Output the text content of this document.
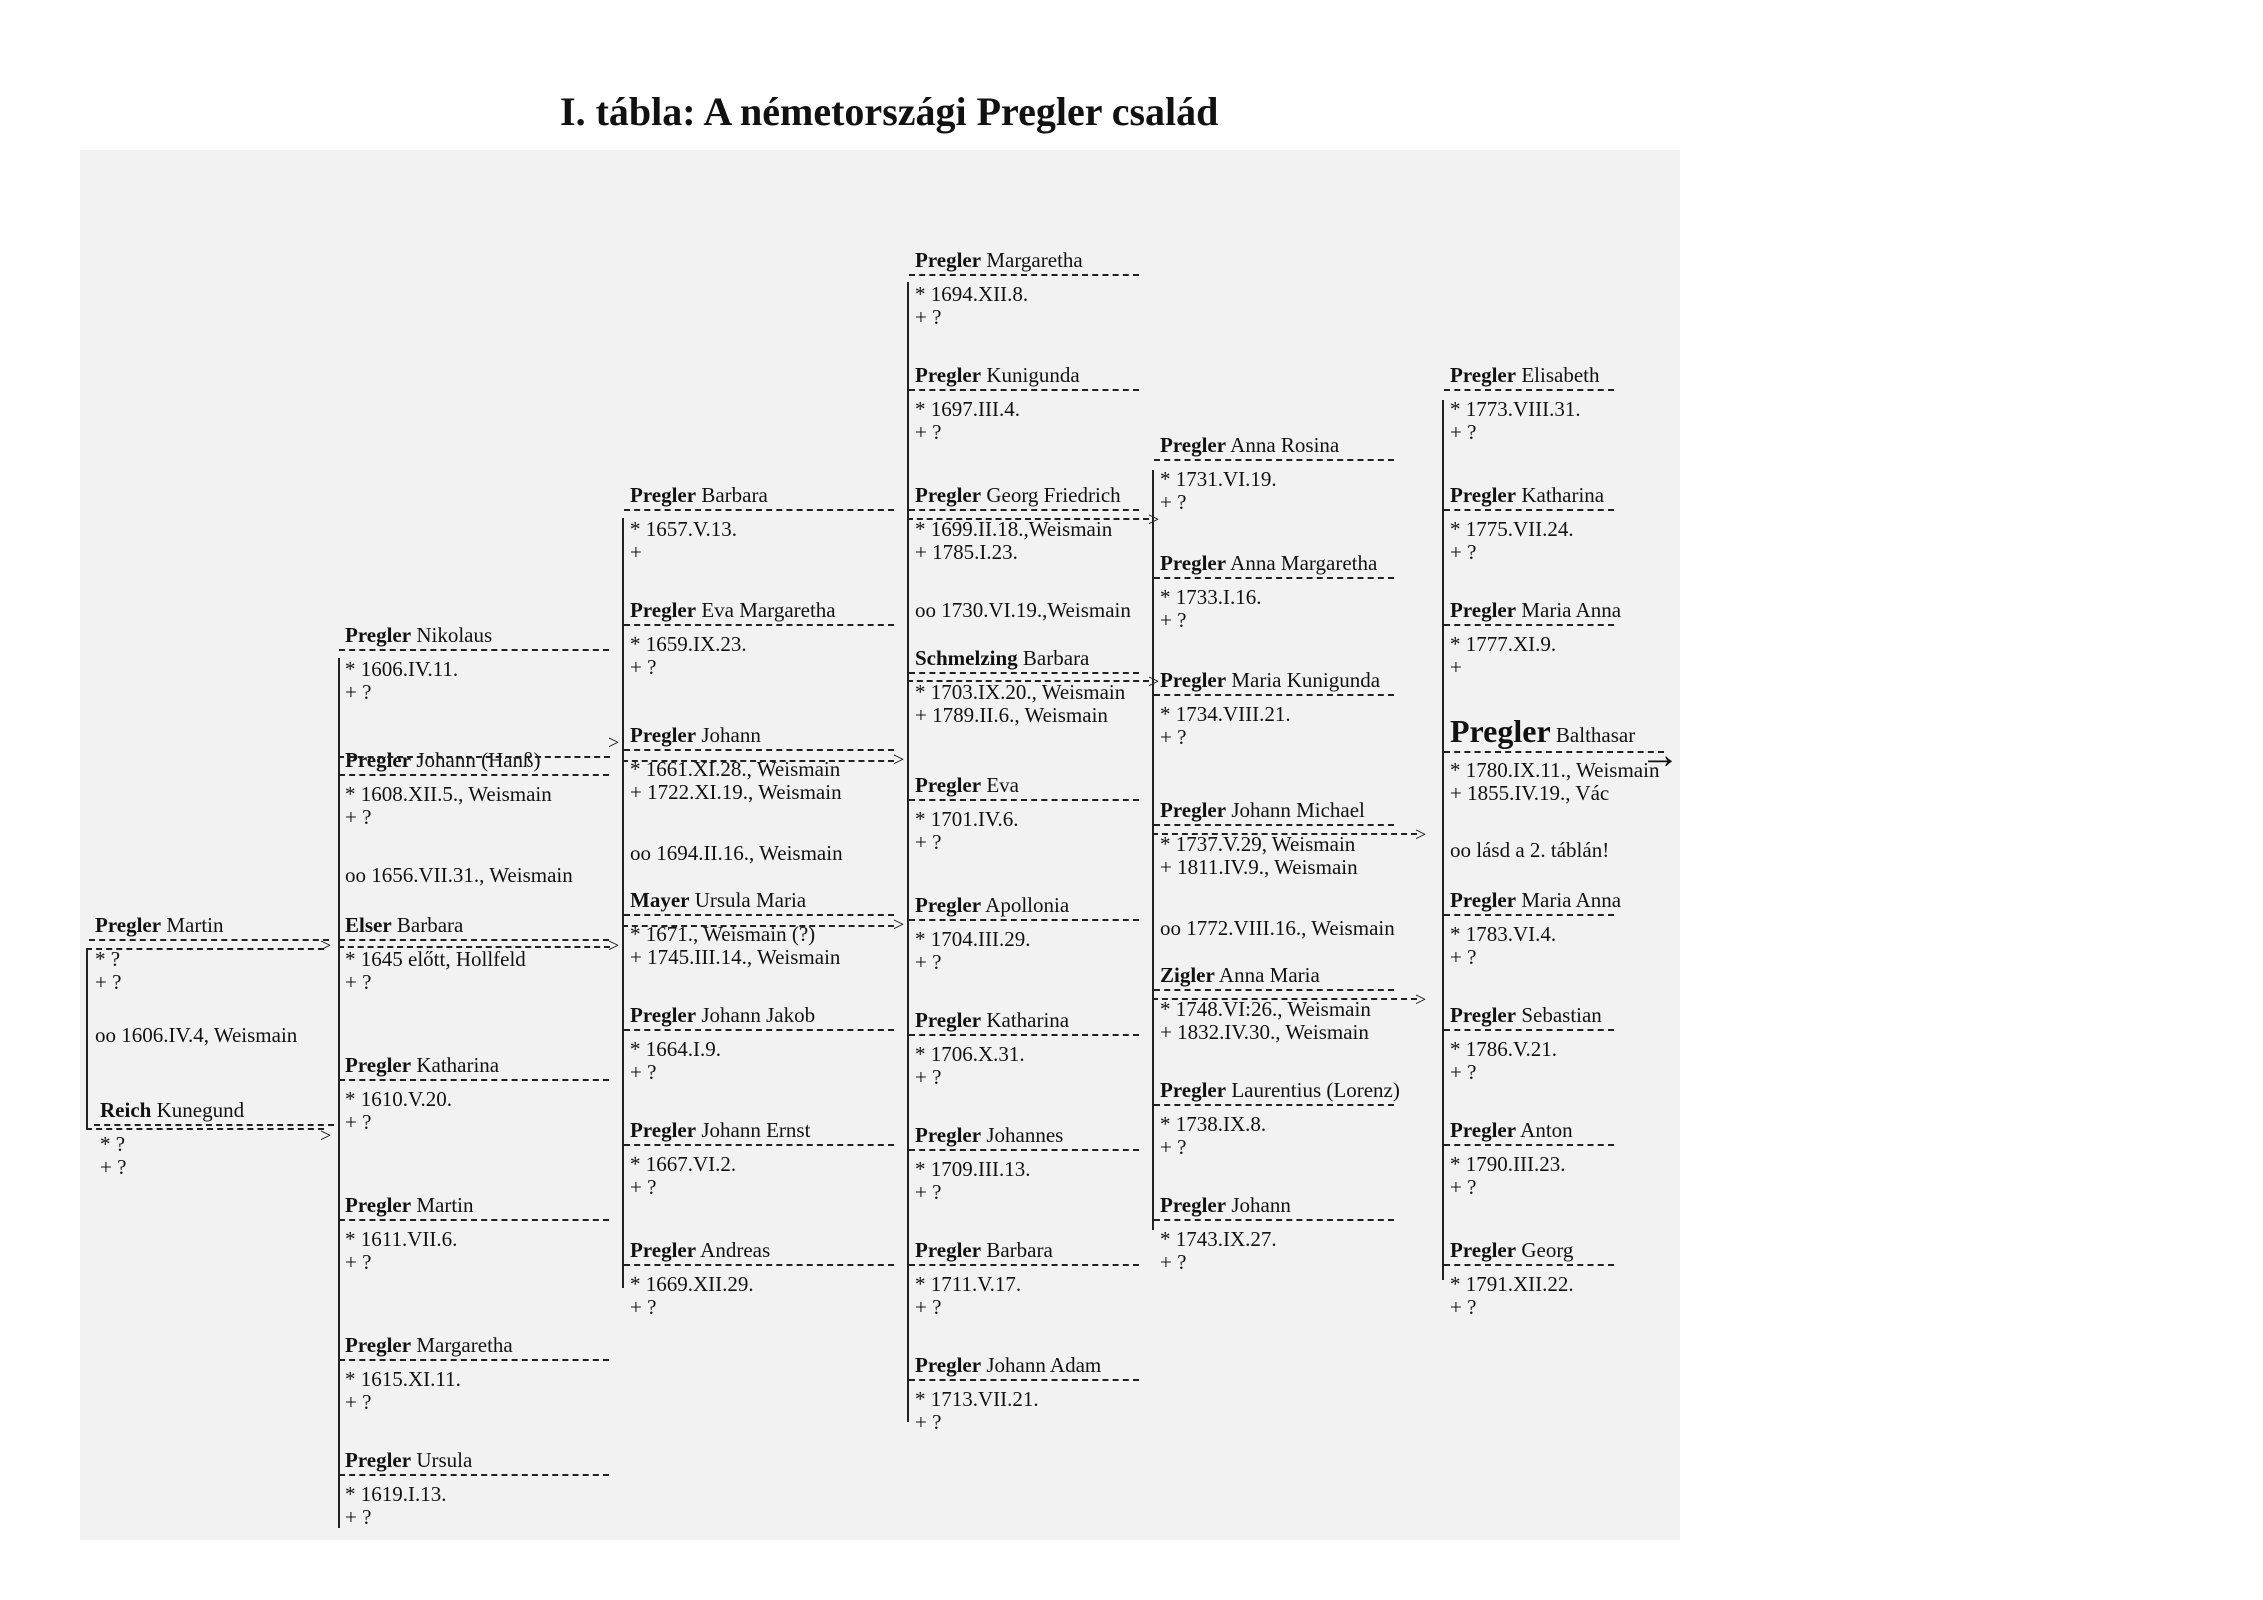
I. tábla: A németországi Pregler család
Pregler Martin
* ?
+ ?
oo 1606.IV.4, Weismain
Reich Kunegund
* ?
+ ?
>
>
Pregler Nikolaus
* 1606.IV.11.
+ ?
Pregler Johann (Hanß)
* 1608.XII.5., Weismain
+ ?
oo 1656.VII.31., Weismain
Elser Barbara
* 1645 előtt, Hollfeld
+ ?
Pregler Katharina
* 1610.V.20.
+ ?
Pregler Martin
* 1611.VII.6.
+ ?
Pregler Margaretha
* 1615.XI.11.
+ ?
Pregler Ursula
* 1619.I.13.
+ ?
>
>
Pregler Barbara
* 1657.V.13.
+
Pregler Eva Margaretha
* 1659.IX.23.
+ ?
Pregler Johann
* 1661.XI.28., Weismain
+ 1722.XI.19., Weismain
oo 1694.II.16., Weismain
Mayer Ursula Maria
* 1671., Weismain (?)
+ 1745.III.14., Weismain
Pregler Johann Jakob
* 1664.I.9.
+ ?
Pregler Johann Ernst
* 1667.VI.2.
+ ?
Pregler Andreas
* 1669.XII.29.
+ ?
>
>
Pregler Margaretha
* 1694.XII.8.
+ ?
Pregler Kunigunda
* 1697.III.4.
+ ?
Pregler Georg Friedrich
* 1699.II.18.,Weismain
+ 1785.I.23.
oo 1730.VI.19.,Weismain
Schmelzing Barbara
* 1703.IX.20., Weismain
+ 1789.II.6., Weismain
Pregler Eva
* 1701.IV.6.
+ ?
Pregler Apollonia
* 1704.III.29.
+ ?
Pregler Katharina
* 1706.X.31.
+ ?
Pregler Johannes
* 1709.III.13.
+ ?
Pregler Barbara
* 1711.V.17.
+ ?
Pregler Johann Adam
* 1713.VII.21.
+ ?
>
>
Pregler Anna Rosina
* 1731.VI.19.
+ ?
Pregler Anna Margaretha
* 1733.I.16.
+ ?
Pregler Maria Kunigunda
* 1734.VIII.21.
+ ?
Pregler Johann Michael
* 1737.V.29, Weismain
+ 1811.IV.9., Weismain
oo 1772.VIII.16., Weismain
Zigler Anna Maria
* 1748.VI:26., Weismain
+ 1832.IV.30., Weismain
Pregler Laurentius (Lorenz)
* 1738.IX.8.
+ ?
Pregler Johann
* 1743.IX.27.
+ ?
>
>
Pregler Elisabeth
* 1773.VIII.31.
+ ?
Pregler Katharina
* 1775.VII.24.
+ ?
Pregler Maria Anna
* 1777.XI.9.
+
Pregler Balthasar
* 1780.IX.11., Weismain
+ 1855.IV.19., Vác
oo lásd a 2. táblán!
Pregler Maria Anna
* 1783.VI.4.
+ ?
Pregler Sebastian
* 1786.V.21.
+ ?
Pregler Anton
* 1790.III.23.
+ ?
Pregler Georg
* 1791.XII.22.
+ ?
→
